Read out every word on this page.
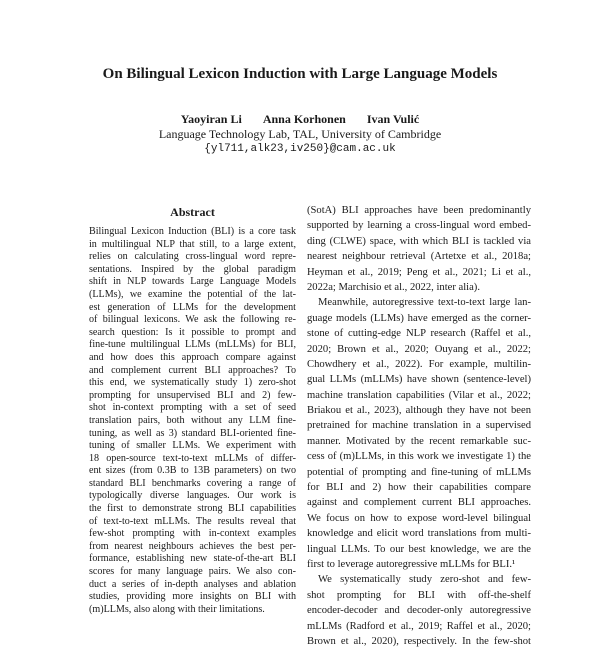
On Bilingual Lexicon Induction with Large Language Models
Yaoyiran Li Anna Korhonen Ivan Vulić
Language Technology Lab, TAL, University of Cambridge
{yl711,alk23,iv250}@cam.ac.uk
Abstract
Bilingual Lexicon Induction (BLI) is a core task
in multilingual NLP that still, to a large extent,
relies on calculating cross-lingual word repre-
sentations. Inspired by the global paradigm
shift in NLP towards Large Language Models
(LLMs), we examine the potential of the lat-
est generation of LLMs for the development
of bilingual lexicons. We ask the following re-
search question: Is it possible to prompt and
fine-tune multilingual LLMs (mLLMs) for BLI,
and how does this approach compare against
and complement current BLI approaches? To
this end, we systematically study 1) zero-shot
prompting for unsupervised BLI and 2) few-
shot in-context prompting with a set of seed
translation pairs, both without any LLM fine-
tuning, as well as 3) standard BLI-oriented fine-
tuning of smaller LLMs. We experiment with
18 open-source text-to-text mLLMs of differ-
ent sizes (from 0.3B to 13B parameters) on two
standard BLI benchmarks covering a range of
typologically diverse languages. Our work is
the first to demonstrate strong BLI capabilities
of text-to-text mLLMs. The results reveal that
few-shot prompting with in-context examples
from nearest neighbours achieves the best per-
formance, establishing new state-of-the-art BLI
scores for many language pairs. We also con-
duct a series of in-depth analyses and ablation
studies, providing more insights on BLI with
(m)LLMs, also along with their limitations.
(SotA) BLI approaches have been predominantly
supported by learning a cross-lingual word embed-
ding (CLWE) space, with which BLI is tackled via
nearest neighbour retrieval (Artetxe et al., 2018a;
Heyman et al., 2019; Peng et al., 2021; Li et al.,
2022a; Marchisio et al., 2022, inter alia).
Meanwhile, autoregressive text-to-text large lan-
guage models (LLMs) have emerged as the corner-
stone of cutting-edge NLP research (Raffel et al.,
2020; Brown et al., 2020; Ouyang et al., 2022;
Chowdhery et al., 2022). For example, multilin-
gual LLMs (mLLMs) have shown (sentence-level)
machine translation capabilities (Vilar et al., 2022;
Briakou et al., 2023), although they have not been
pretrained for machine translation in a supervised
manner. Motivated by the recent remarkable suc-
cess of (m)LLMs, in this work we investigate 1) the
potential of prompting and fine-tuning of mLLMs
for BLI and 2) how their capabilities compare
against and complement current BLI approaches.
We focus on how to expose word-level bilingual
knowledge and elicit word translations from multi-
lingual LLMs. To our best knowledge, we are the
first to leverage autoregressive mLLMs for BLI.¹
We systematically study zero-shot and few-
shot prompting for BLI with off-the-shelf
encoder-decoder and decoder-only autoregressive
mLLMs (Radford et al., 2019; Raffel et al., 2020;
Brown et al., 2020), respectively. In the few-shot
